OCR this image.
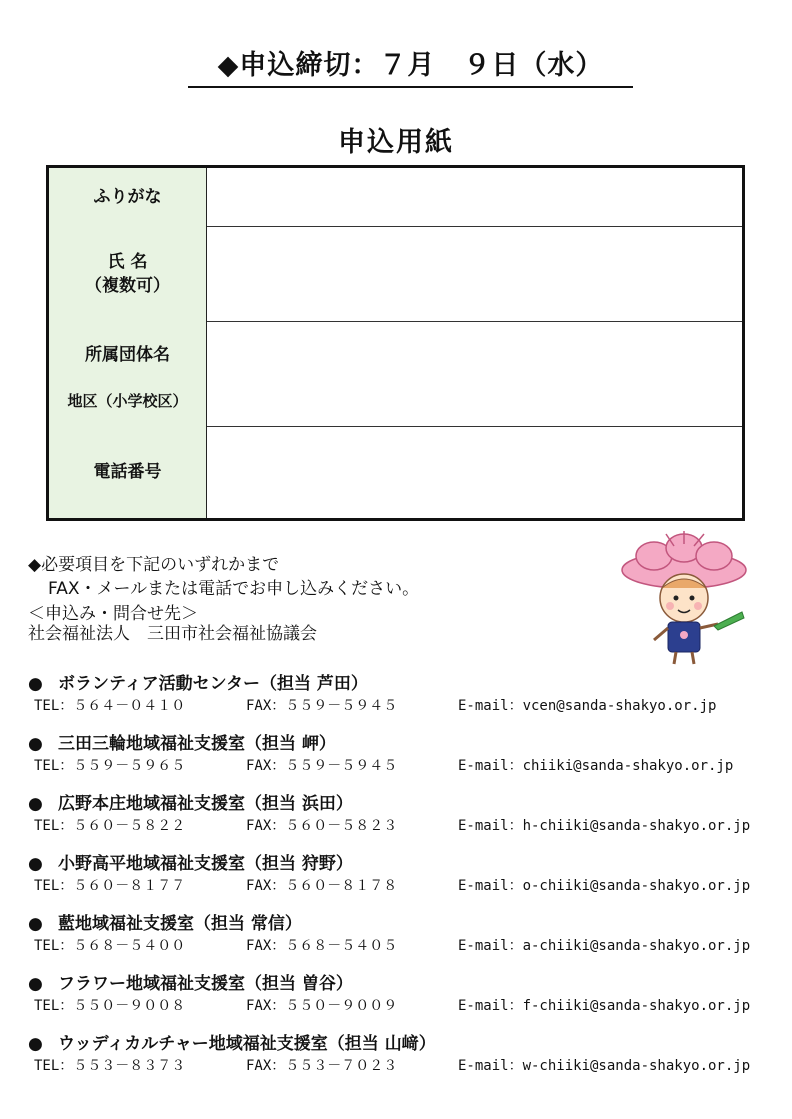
◆申込締切：７月　９日（水）
申込用紙
ふりがな
氏 名
（複数可）
所属団体名
地区（小学校区）
電話番号
◆必要項目を下記のいずれかまで
FAX・メールまたは電話でお申し込みください。
＜申込み・問合せ先＞
社会福祉法人　三田市社会福祉協議会
● ボランティア活動センター（担当 芦田）
TEL：５６４－０４１０	FAX：５５９－５９４５	E-mail：vcen@sanda-shakyo.or.jp
● 三田三輪地域福祉支援室（担当 岬）
TEL：５５９－５９６５	FAX：５５９－５９４５	E-mail：chiiki@sanda-shakyo.or.jp
● 広野本庄地域福祉支援室（担当 浜田）
TEL：５６０－５８２２	FAX：５６０－５８２３	E-mail：h-chiiki@sanda-shakyo.or.jp
● 小野高平地域福祉支援室（担当 狩野）
TEL：５６０－８１７７	FAX：５６０－８１７８	E-mail：o-chiiki@sanda-shakyo.or.jp
● 藍地域福祉支援室（担当 常信）
TEL：５６８－５４００	FAX：５６８－５４０５	E-mail：a-chiiki@sanda-shakyo.or.jp
● フラワー地域福祉支援室（担当 曽谷）
TEL：５５０－９００８	FAX：５５０－９００９	E-mail：f-chiiki@sanda-shakyo.or.jp
● ウッディカルチャー地域福祉支援室（担当 山﨑）
TEL：５５３－８３７３	FAX：５５３－７０２３	E-mail：w-chiiki@sanda-shakyo.or.jp
